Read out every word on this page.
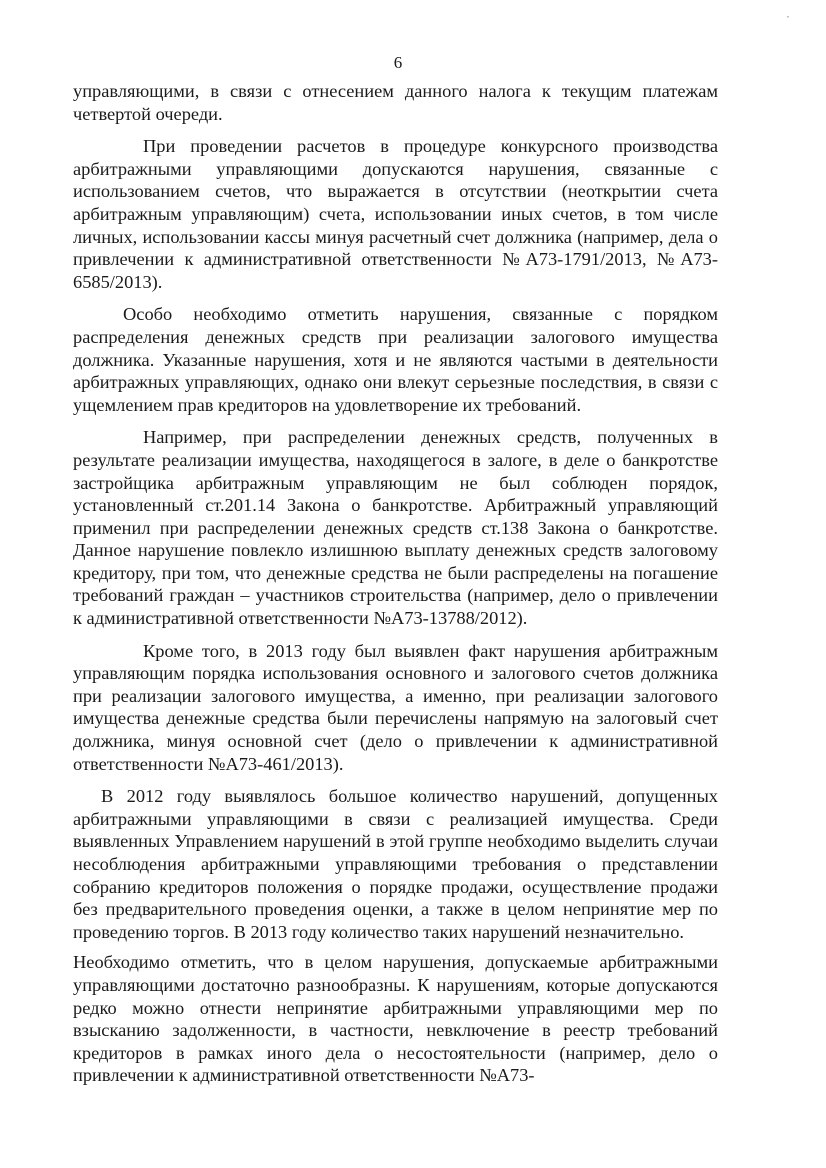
6

управляющими, в связи с отнесением данного налога к текущим платежам четвертой очереди.

При проведении расчетов в процедуре конкурсного производства арбитражными управляющими допускаются нарушения, связанные с использованием счетов, что выражается в отсутствии (неоткрытии счета арбитражным управляющим) счета, использовании иных счетов, в том числе личных, использовании кассы минуя расчетный счет должника (например, дела о привлечении к административной ответственности №А73-1791/2013, №А73-6585/2013).

Особо необходимо отметить нарушения, связанные с порядком распределения денежных средств при реализации залогового имущества должника. Указанные нарушения, хотя и не являются частыми в деятельности арбитражных управляющих, однако они влекут серьезные последствия, в связи с ущемлением прав кредиторов на удовлетворение их требований.

Например, при распределении денежных средств, полученных в результате реализации имущества, находящегося в залоге, в деле о банкротстве застройщика арбитражным управляющим не был соблюден порядок, установленный ст.201.14 Закона о банкротстве. Арбитражный управляющий применил при распределении денежных средств ст.138 Закона о банкротстве. Данное нарушение повлекло излишнюю выплату денежных средств залоговому кредитору, при том, что денежные средства не были распределены на погашение требований граждан – участников строительства (например, дело о привлечении к административной ответственности №А73-13788/2012).

Кроме того, в 2013 году был выявлен факт нарушения арбитражным управляющим порядка использования основного и залогового счетов должника при реализации залогового имущества, а именно, при реализации залогового имущества денежные средства были перечислены напрямую на залоговый счет должника, минуя основной счет (дело о привлечении к административной ответственности №А73-461/2013).

В 2012 году выявлялось большое количество нарушений, допущенных арбитражными управляющими в связи с реализацией имущества. Среди выявленных Управлением нарушений в этой группе необходимо выделить случаи несоблюдения арбитражными управляющими требования о представлении собранию кредиторов положения о порядке продажи, осуществление продажи без предварительного проведения оценки, а также в целом непринятие мер по проведению торгов. В 2013 году количество таких нарушений незначительно.

Необходимо отметить, что в целом нарушения, допускаемые арбитражными управляющими достаточно разнообразны. К нарушениям, которые допускаются редко можно отнести непринятие арбитражными управляющими мер по взысканию задолженности, в частности, невключение в реестр требований кредиторов в рамках иного дела о несостоятельности (например, дело о привлечении к административной ответственности №А73-

·
